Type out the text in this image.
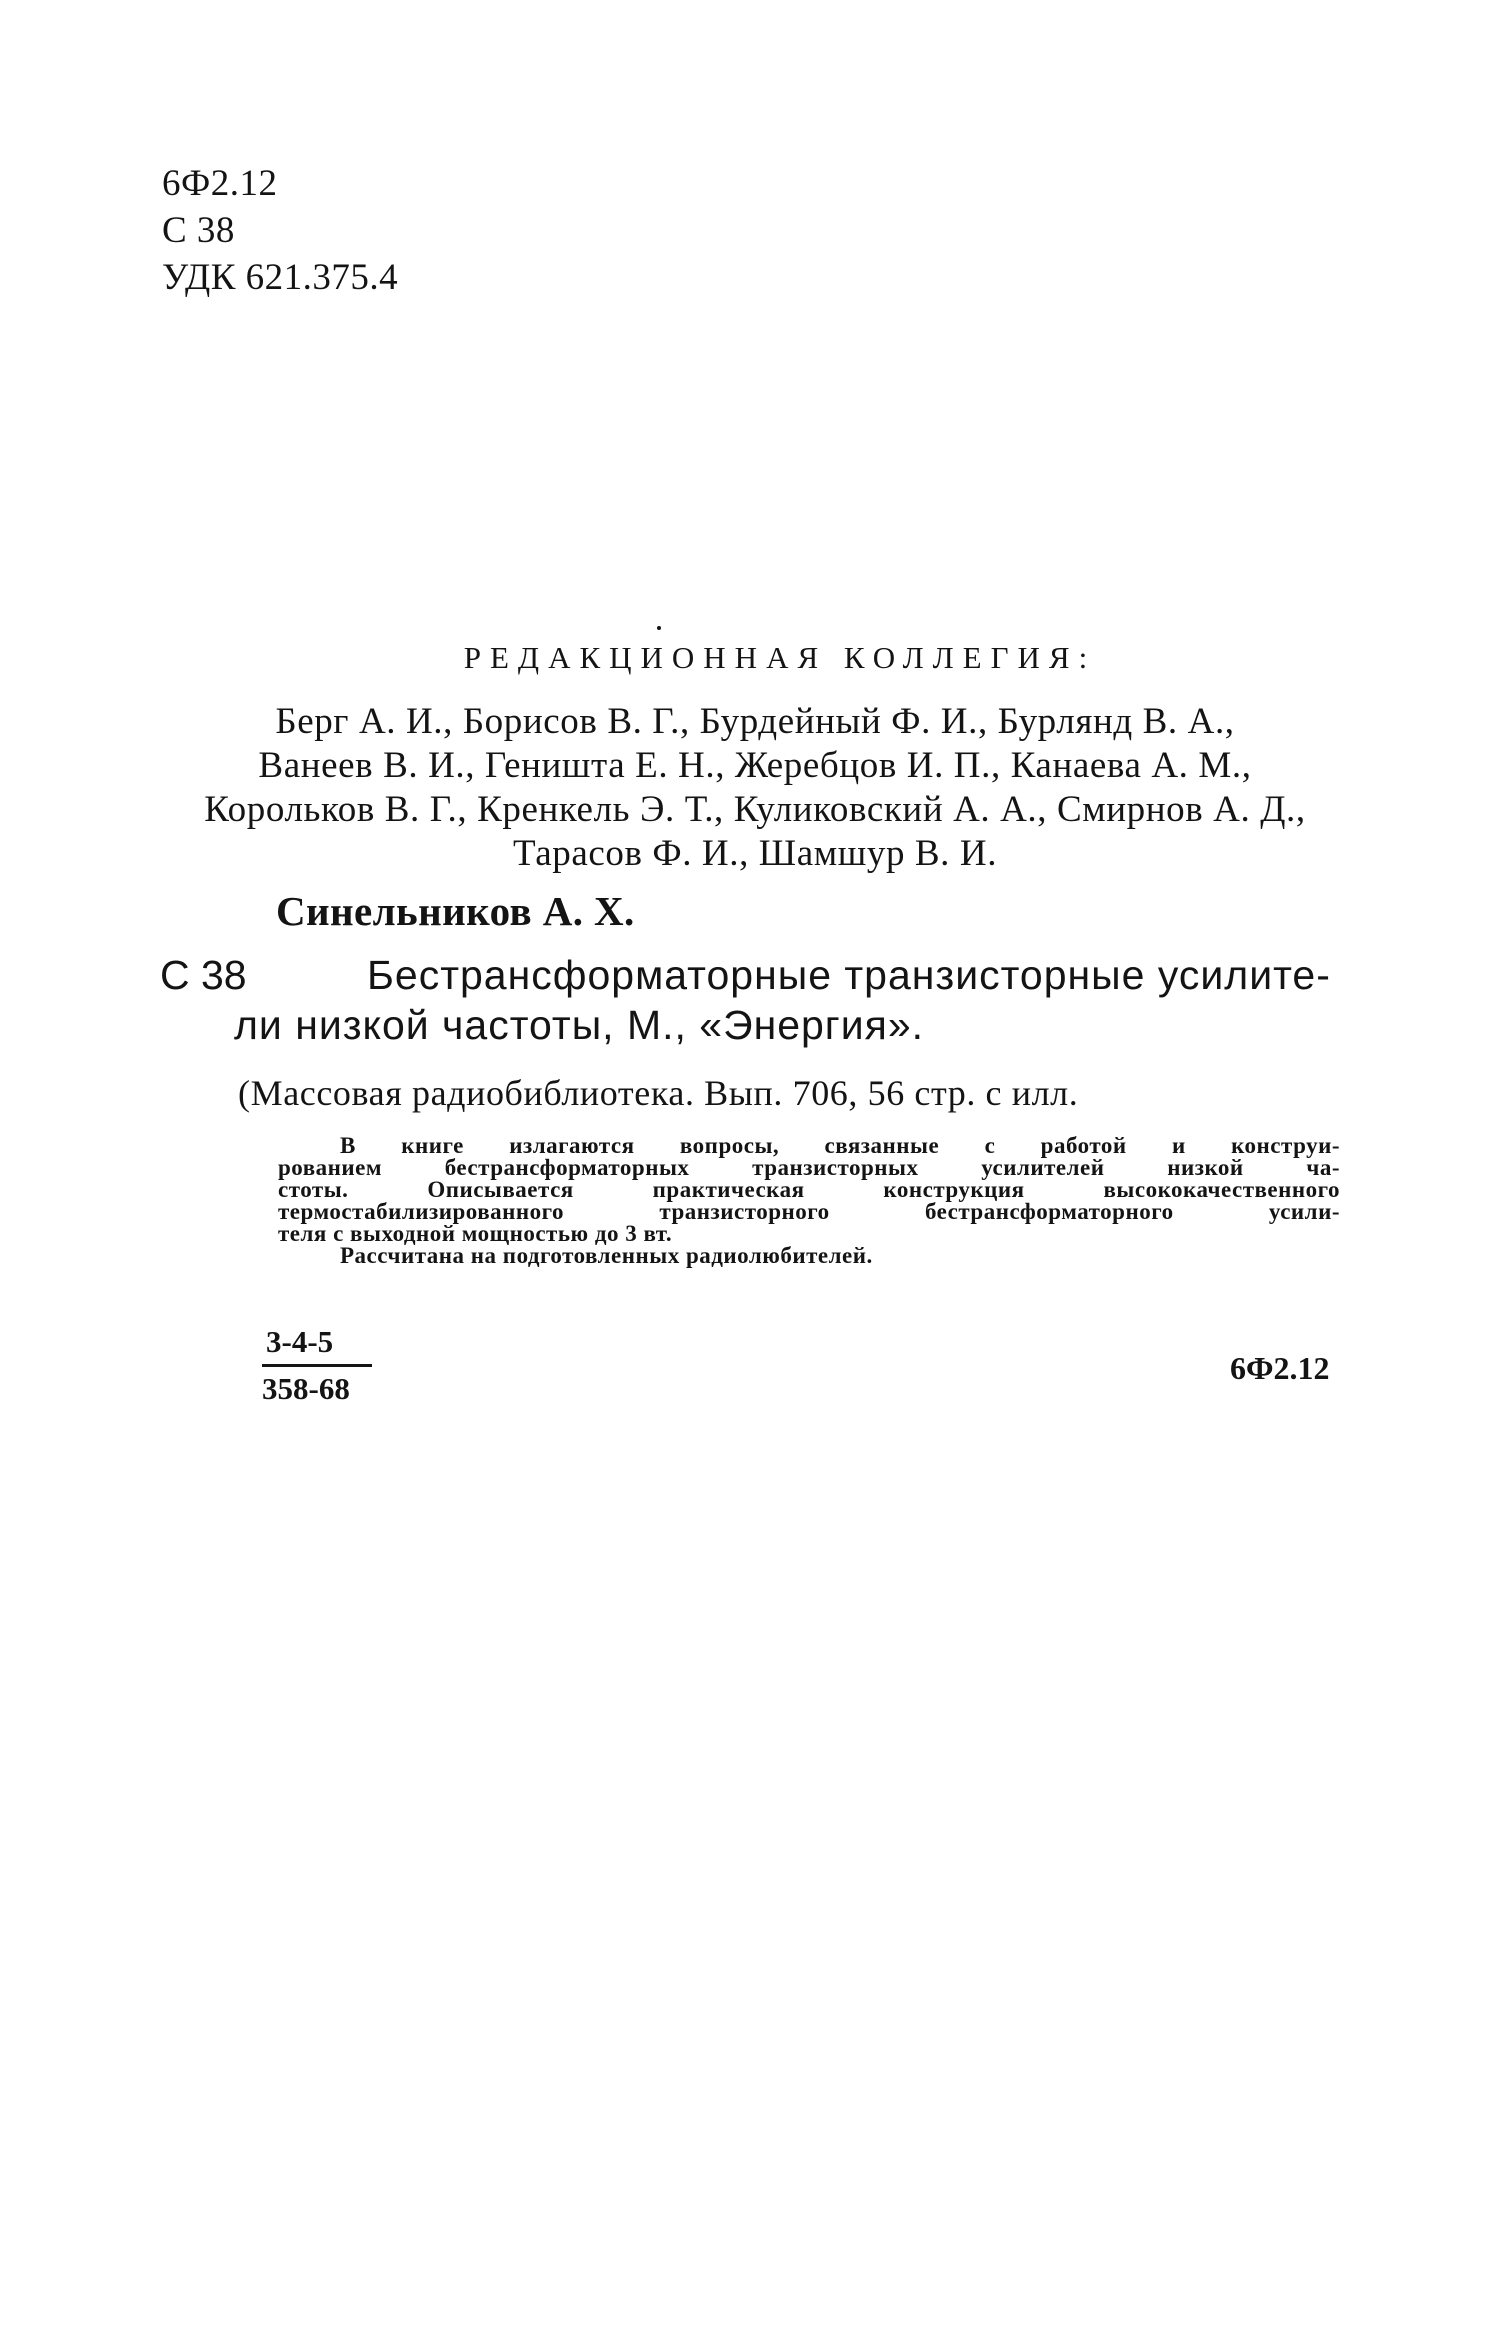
6Ф2.12
С 38
УДК 621.375.4
РЕДАКЦИОННАЯ КОЛЛЕГИЯ:
Берг А. И., Борисов В. Г., Бурдейный Ф. И., Бурлянд В. А.,
Ванеев В. И., Геништа Е. Н., Жеребцов И. П., Канаева А. М.,
Корольков В. Г., Кренкель Э. Т., Куликовский А. А., Смирнов А. Д.,
Тарасов Ф. И., Шамшур В. И.
Синельников А. Х.
С 38	Бестрансформаторные транзисторные усилите-
ли низкой частоты, М., «Энергия».
(Массовая радиобиблиотека. Вып. 706, 56 стр. с илл.
В книге излагаются вопросы, связанные с работой и конструи-
рованием бестрансформаторных транзисторных усилителей низкой ча-
стоты. Описывается практическая конструкция высококачественного
термостабилизированного транзисторного бестрансформаторного усили-
теля с выходной мощностью до 3 вт.
Рассчитана на подготовленных радиолюбителей.
3-4-5
358-68
6Ф2.12
